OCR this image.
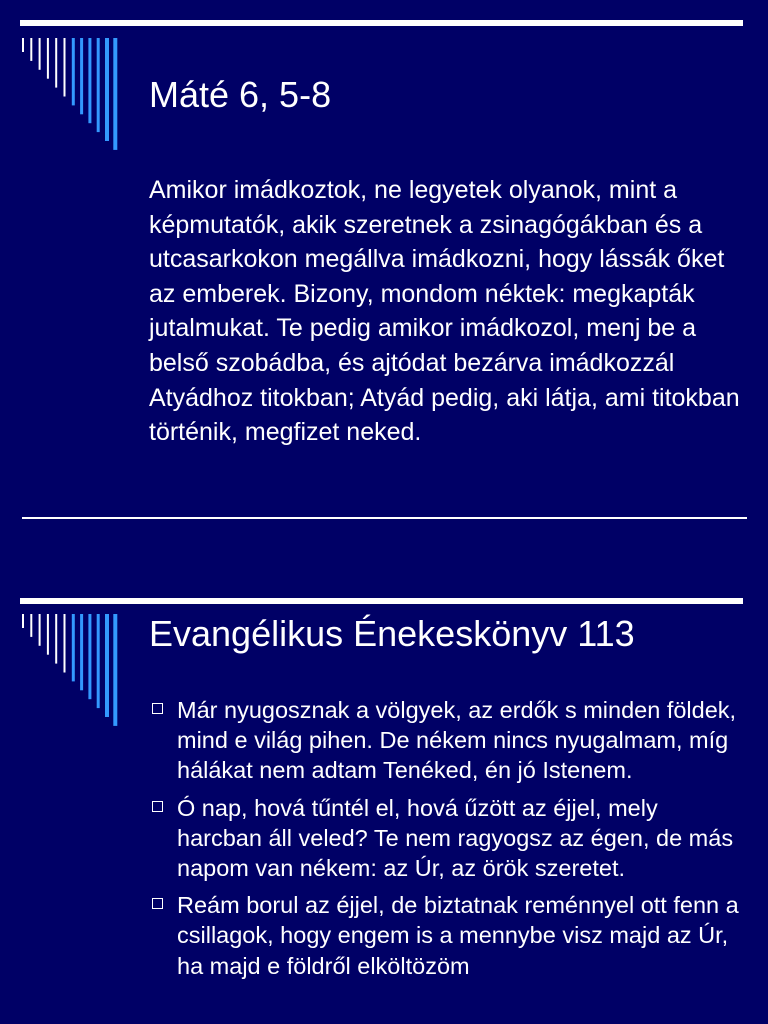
Máté 6, 5-8

Amikor imádkoztok, ne legyetek olyanok, mint a képmutatók, akik szeretnek a zsinagógákban és a utcasarkokon megállva imádkozni, hogy lássák őket az emberek. Bizony, mondom néktek: megkapták jutalmukat. Te pedig amikor imádkozol, menj be a belső szobádba, és ajtódat bezárva imádkozzál Atyádhoz titokban; Atyád pedig, aki látja, ami titokban történik, megfizet neked.

Evangélikus Énekeskönyv 113
Már nyugosznak a völgyek, az erdők s minden földek, mind e világ pihen. De nékem nincs nyugalmam, míg hálákat nem adtam Tenéked, én jó Istenem.
Ó nap, hová tűntél el, hová űzött az éjjel, mely harcban áll veled? Te nem ragyogsz az égen, de más napom van nékem: az Úr, az örök szeretet.
Reám borul az éjjel, de biztatnak reménnyel ott fenn a csillagok, hogy engem is a mennybe visz majd az Úr, ha majd e földről elköltözöm
